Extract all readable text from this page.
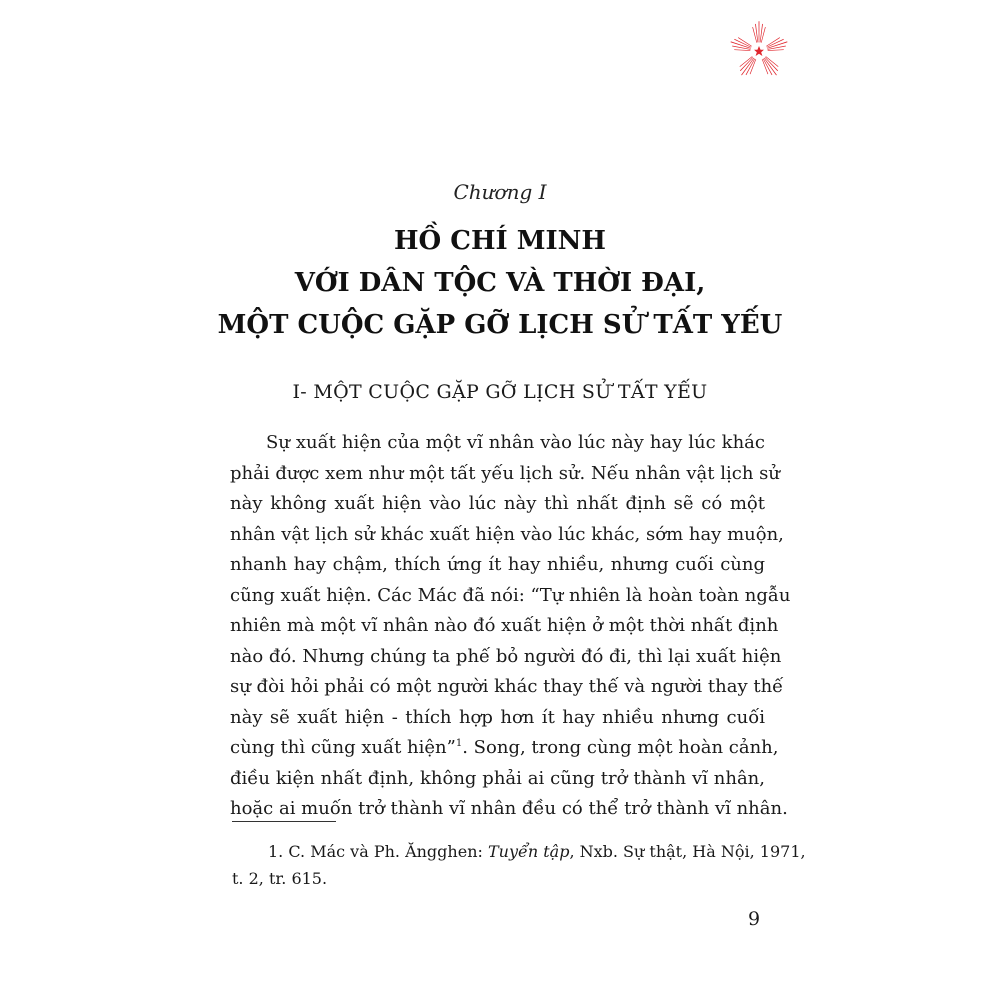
Chương I
HỒ CHÍ MINH
VỚI DÂN TỘC VÀ THỜI ĐẠI,
MỘT CUỘC GẶP GỠ LỊCH SỬ TẤT YẾU
I- MỘT CUỘC GẶP GỠ LỊCH SỬ TẤT YẾU
Sự xuất hiện của một vĩ nhân vào lúc này hay lúc khác
phải được xem như một tất yếu lịch sử. Nếu nhân vật lịch sử
này không xuất hiện vào lúc này thì nhất định sẽ có một
nhân vật lịch sử khác xuất hiện vào lúc khác, sớm hay muộn,
nhanh hay chậm, thích ứng ít hay nhiều, nhưng cuối cùng
cũng xuất hiện. Các Mác đã nói: “Tự nhiên là hoàn toàn ngẫu
nhiên mà một vĩ nhân nào đó xuất hiện ở một thời nhất định
nào đó. Nhưng chúng ta phế bỏ người đó đi, thì lại xuất hiện
sự đòi hỏi phải có một người khác thay thế và người thay thế
này sẽ xuất hiện - thích hợp hơn ít hay nhiều nhưng cuối
cùng thì cũng xuất hiện”$^1$. Song, trong cùng một hoàn cảnh,
điều kiện nhất định, không phải ai cũng trở thành vĩ nhân,
hoặc ai muốn trở thành vĩ nhân đều có thể trở thành vĩ nhân.
1. C. Mác và Ph. Ăngghen: Tuyển tập, Nxb. Sự thật, Hà Nội, 1971,
t. 2, tr. 615.
9
